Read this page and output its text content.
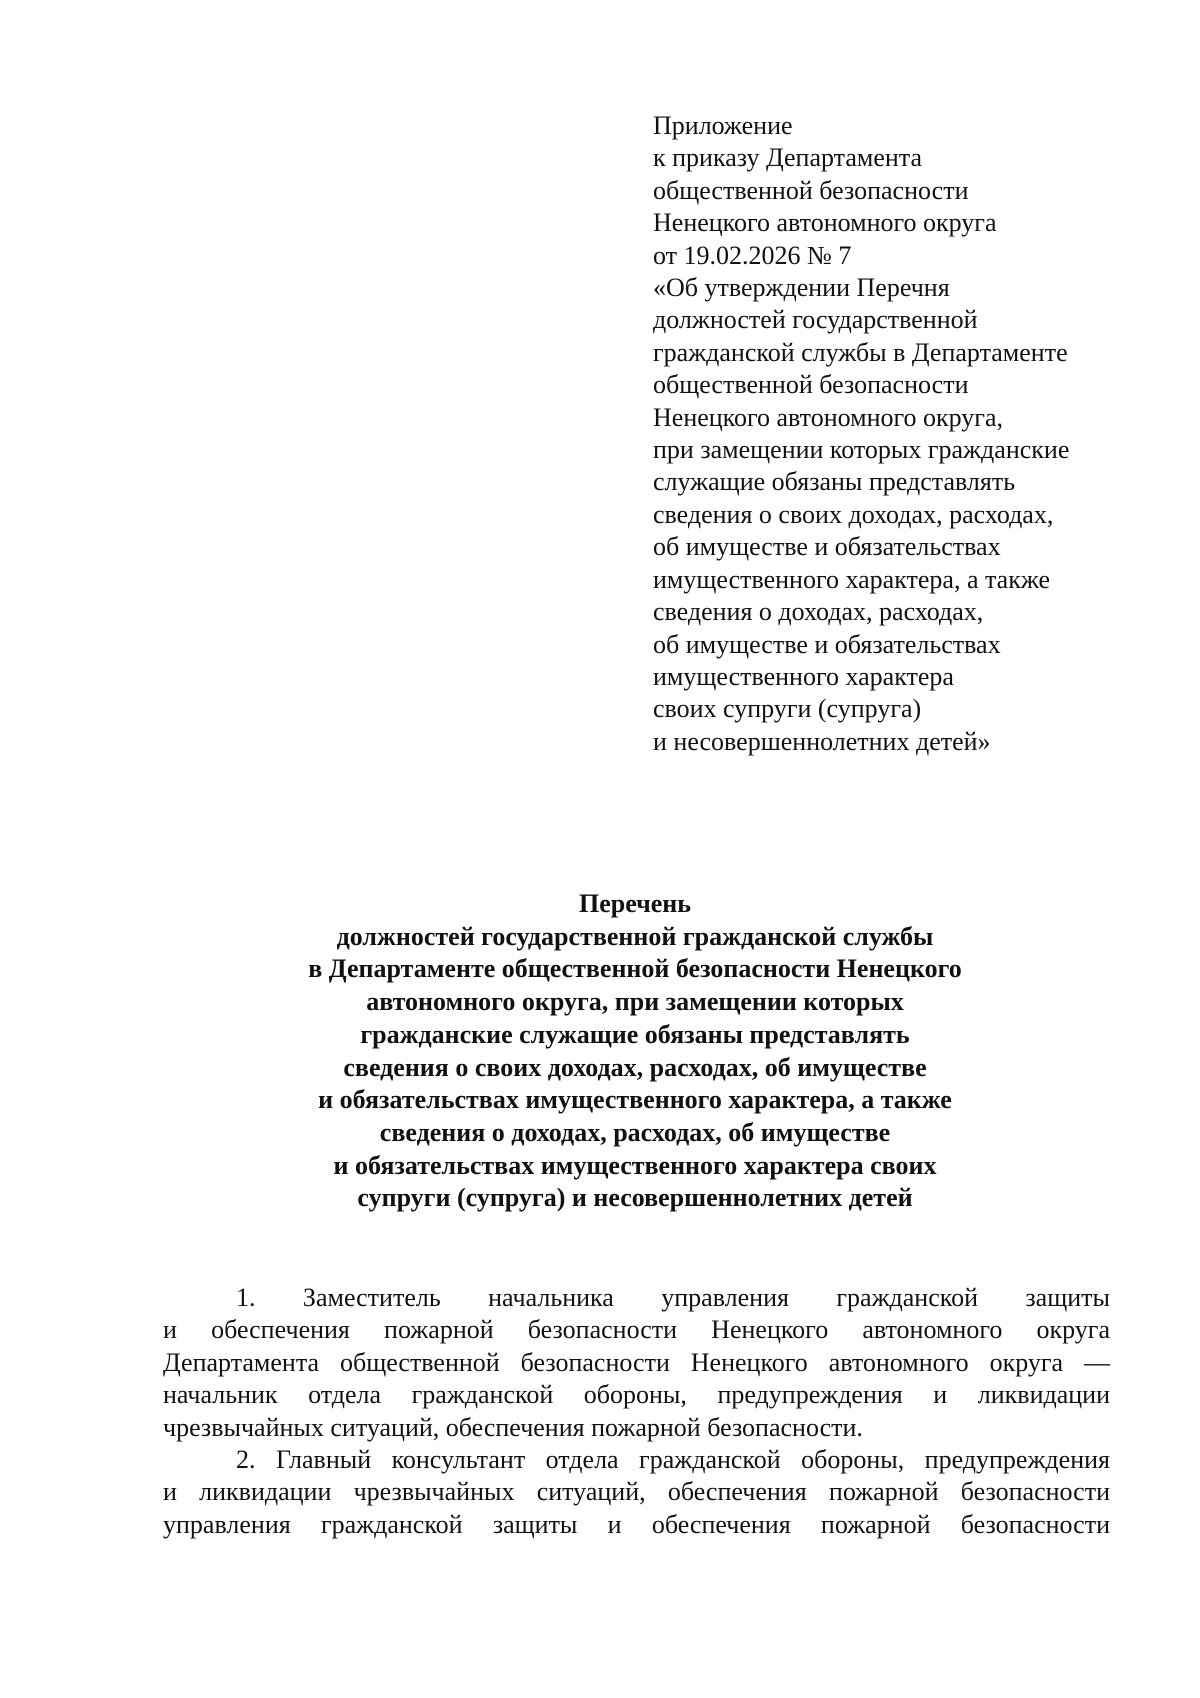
Приложение
к приказу Департамента
общественной безопасности
Ненецкого автономного округа
от 19.02.2026 № 7
«Об утверждении Перечня
должностей государственной
гражданской службы в Департаменте
общественной безопасности
Ненецкого автономного округа,
при замещении которых гражданские
служащие обязаны представлять
сведения о своих доходах, расходах,
об имуществе и обязательствах
имущественного характера, а также
сведения о доходах, расходах,
об имуществе и обязательствах
имущественного характера
своих супруги (супруга)
и несовершеннолетних детей»
Перечень
должностей государственной гражданской службы
в Департаменте общественной безопасности Ненецкого
автономного округа, при замещении которых
гражданские служащие обязаны представлять
сведения о своих доходах, расходах, об имуществе
и обязательствах имущественного характера, а также
сведения о доходах, расходах, об имуществе
и обязательствах имущественного характера своих
супруги (супруга) и несовершеннолетних детей
1. Заместитель начальника управления гражданской защиты
и обеспечения пожарной безопасности Ненецкого автономного округа
Департамента общественной безопасности Ненецкого автономного округа —
начальник отдела гражданской обороны, предупреждения и ликвидации
чрезвычайных ситуаций, обеспечения пожарной безопасности.
2. Главный консультант отдела гражданской обороны, предупреждения
и ликвидации чрезвычайных ситуаций, обеспечения пожарной безопасности
управления гражданской защиты и обеспечения пожарной безопасности
